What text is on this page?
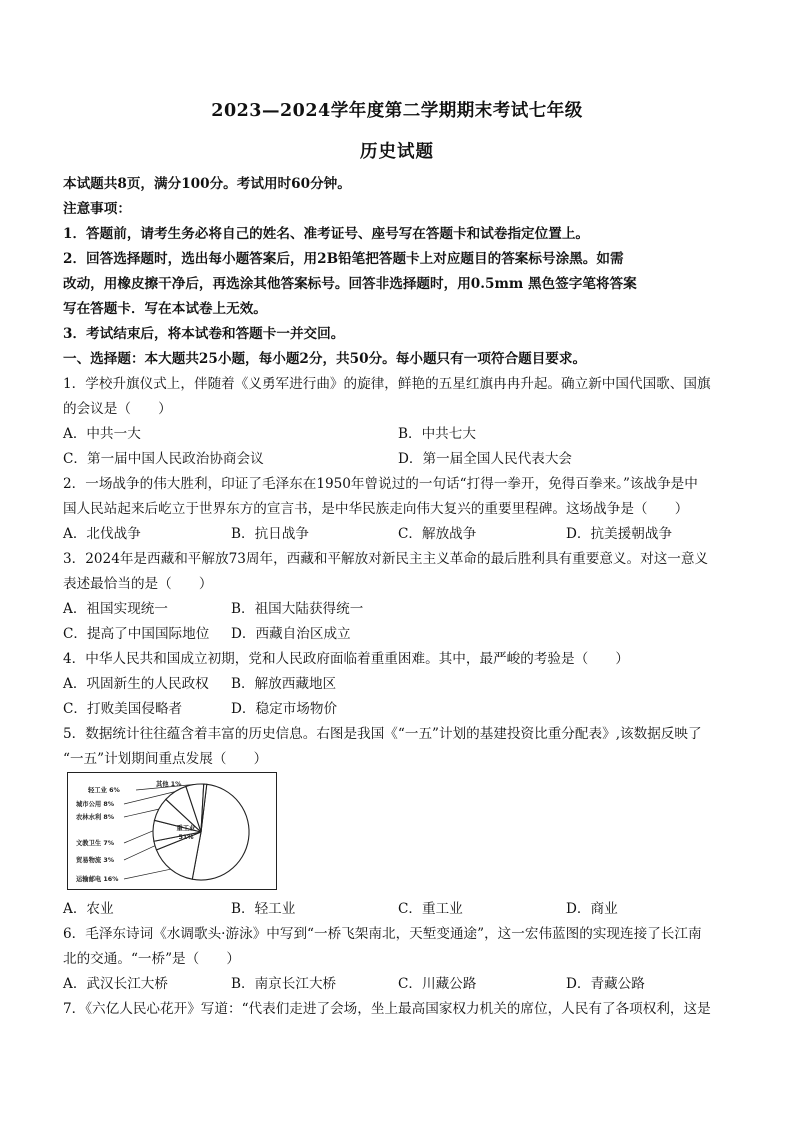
2023—2024学年度第二学期期末考试七年级
历史试题
本试题共8页，满分100分。考试用时60分钟。
注意事项：
1．答题前，请考生务必将自己的姓名、准考证号、座号写在答题卡和试卷指定位置上。
2．回答选择题时，选出每小题答案后，用2B铅笔把答题卡上对应题目的答案标号涂黑。如需
改动，用橡皮擦干净后，再选涂其他答案标号。回答非选择题时，用0.5mm 黑色签字笔将答案
写在答题卡．写在本试卷上无效。
3．考试结束后，将本试卷和答题卡一并交回。
一、选择题：本大题共25小题，每小题2分，共50分。每小题只有一项符合题目要求。
1．学校升旗仪式上，伴随着《义勇军进行曲》的旋律，鲜艳的五星红旗冉冉升起。确立新中国代国歌、国旗
的会议是（　　）
A．中共一大	B．中共七大
C．第一届中国人民政治协商会议	D．第一届全国人民代表大会
2．一场战争的伟大胜利，印证了毛泽东在1950年曾说过的一句话“打得一拳开，免得百拳来。”该战争是中
国人民站起来后屹立于世界东方的宣言书，是中华民族走向伟大复兴的重要里程碑。这场战争是（　　）
A．北伐战争	B．抗日战争	C．解放战争	D．抗美援朝战争
3．2024年是西藏和平解放73周年，西藏和平解放对新民主主义革命的最后胜利具有重要意义。对这一意义
表述最恰当的是（　　）
A．祖国实现统一	B．祖国大陆获得统一
C．提高了中国国际地位 D．西藏自治区成立
4．中华人民共和国成立初期，党和人民政府面临着重重困难。其中，最严峻的考验是（　　）
A．巩固新生的人民政权 B．解放西藏地区
C．打败美国侵略者	D．稳定市场物价
5．数据统计往往蕴含着丰富的历史信息。右图是我国《“一五”计划的基建投资比重分配表》,该数据反映了
“一五”计划期间重点发展（　　）
重工业 51%
运输邮电 16%
贸易物流 3%
文教卫生 7%
农林水利 8%
城市公用 8%
轻工业 6%
其他 1%
A．农业	B．轻工业	C．重工业	D．商业
6．毛泽东诗词《水调歌头·游泳》中写到“一桥飞架南北，天堑变通途”，这一宏伟蓝图的实现连接了长江南
北的交通。“一桥”是（　　）
A．武汉长江大桥	B．南京长江大桥	C．川藏公路	D．青藏公路
7．《六亿人民心花开》写道：“代表们走进了会场，坐上最高国家权力机关的席位，人民有了各项权利，这是
